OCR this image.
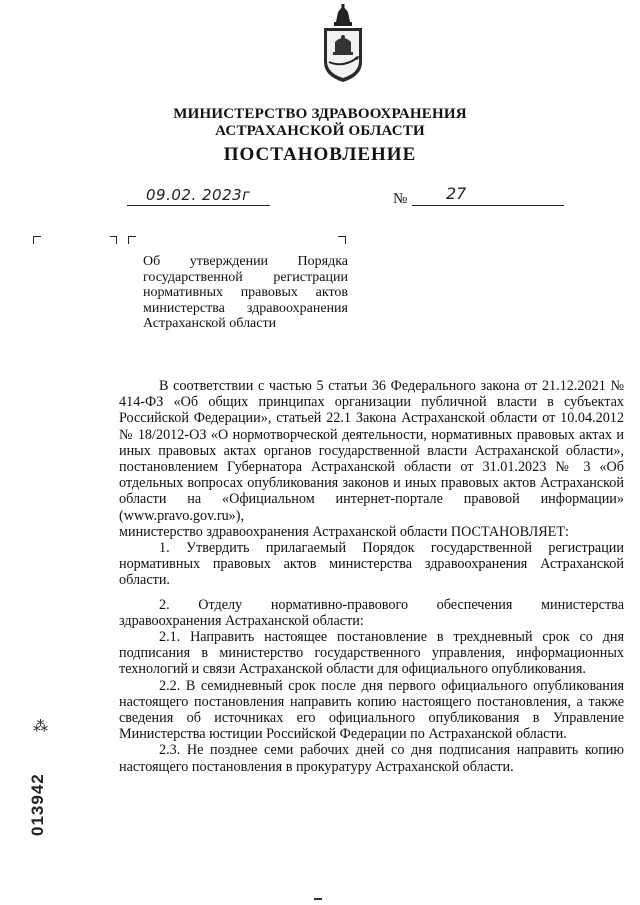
МИНИСТЕРСТВО ЗДРАВООХРАНЕНИЯ
АСТРАХАНСКОЙ ОБЛАСТИ
ПОСТАНОВЛЕНИЕ
09.02. 2023г	№ 27
Об утверждении Порядка государственной регистрации нормативных правовых актов министерства здравоохранения Астраханской области

В соответствии с частью 5 статьи 36 Федерального закона от 21.12.2021 № 414-ФЗ «Об общих принципах организации публичной власти в субъектах Российской Федерации», статьей 22.1 Закона Астраханской области от 10.04.2012 № 18/2012-ОЗ «О нормотворческой деятельности, нормативных правовых актах и иных правовых актах органов государственной власти Астраханской области», постановлением Губернатора Астраханской области от 31.01.2023 № 3 «Об отдельных вопросах опубликования законов и иных правовых актов Астраханской области на «Официальном интернет-портале правовой информации» (www.pravo.gov.ru»),

министерство здравоохранения Астраханской области ПОСТАНОВЛЯЕТ:

1. Утвердить прилагаемый Порядок государственной регистрации нормативных правовых актов министерства здравоохранения Астраханской области.

2. Отделу нормативно-правового обеспечения министерства здравоохранения Астраханской области:

2.1. Направить настоящее постановление в трехдневный срок со дня подписания в министерство государственного управления, информационных технологий и связи Астраханской области для официального опубликования.

2.2. В семидневный срок после дня первого официального опубликования настоящего постановления направить копию настоящего постановления, а также сведения об источниках его официального опубликования в Управление Министерства юстиции Российской Федерации по Астраханской области.

2.3. Не позднее семи рабочих дней со дня подписания направить копию настоящего постановления в прокуратуру Астраханской области.

⁂
013942
